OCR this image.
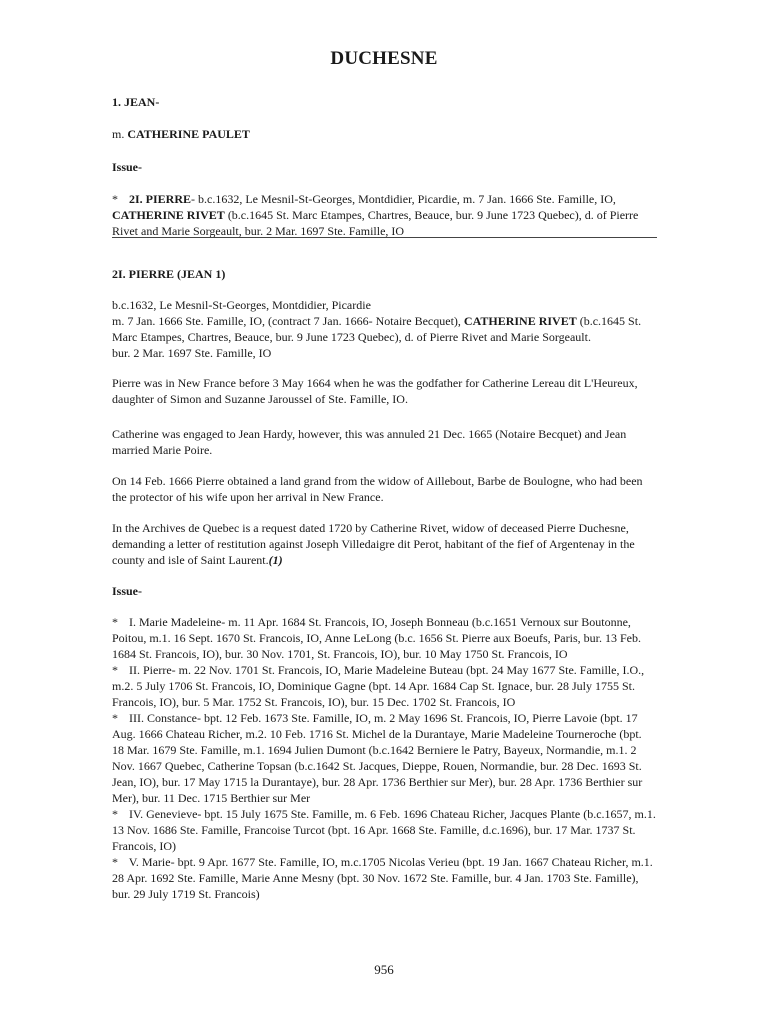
DUCHESNE

1. JEAN-

m. CATHERINE PAULET

Issue-

* 2I. PIERRE- b.c.1632, Le Mesnil-St-Georges, Montdidier, Picardie, m. 7 Jan. 1666 Ste. Famille, IO, CATHERINE RIVET (b.c.1645 St. Marc Etampes, Chartres, Beauce, bur. 9 June 1723 Quebec), d. of Pierre Rivet and Marie Sorgeault, bur. 2 Mar. 1697 Ste. Famille, IO

2I. PIERRE (JEAN 1)

b.c.1632, Le Mesnil-St-Georges, Montdidier, Picardie
m. 7 Jan. 1666 Ste. Famille, IO, (contract 7 Jan. 1666- Notaire Becquet), CATHERINE RIVET (b.c.1645 St. Marc Etampes, Chartres, Beauce, bur. 9 June 1723 Quebec), d. of Pierre Rivet and Marie Sorgeault.
bur. 2 Mar. 1697 Ste. Famille, IO

Pierre was in New France before 3 May 1664 when he was the godfather for Catherine Lereau dit L'Heureux, daughter of Simon and Suzanne Jaroussel of Ste. Famille, IO.

Catherine was engaged to Jean Hardy, however, this was annuled 21 Dec. 1665 (Notaire Becquet) and Jean married Marie Poire.

On 14 Feb. 1666 Pierre obtained a land grand from the widow of Aillebout, Barbe de Boulogne, who had been the protector of his wife upon her arrival in New France.

In the Archives de Quebec is a request dated 1720 by Catherine Rivet, widow of deceased Pierre Duchesne, demanding a letter of restitution against Joseph Villedaigre dit Perot, habitant of the fief of Argentenay in the county and isle of Saint Laurent.(1)

Issue-

* I. Marie Madeleine- m. 11 Apr. 1684 St. Francois, IO, Joseph Bonneau (b.c.1651 Vernoux sur Boutonne, Poitou, m.1. 16 Sept. 1670 St. Francois, IO, Anne LeLong (b.c. 1656 St. Pierre aux Boeufs, Paris, bur. 13 Feb. 1684 St. Francois, IO), bur. 30 Nov. 1701, St. Francois, IO), bur. 10 May 1750 St. Francois, IO
* II. Pierre- m. 22 Nov. 1701 St. Francois, IO, Marie Madeleine Buteau (bpt. 24 May 1677 Ste. Famille, I.O., m.2. 5 July 1706 St. Francois, IO, Dominique Gagne (bpt. 14 Apr. 1684 Cap St. Ignace, bur. 28 July 1755 St. Francois, IO), bur. 5 Mar. 1752 St. Francois, IO), bur. 15 Dec. 1702 St. Francois, IO
* III. Constance- bpt. 12 Feb. 1673 Ste. Famille, IO, m. 2 May 1696 St. Francois, IO, Pierre Lavoie (bpt. 17 Aug. 1666 Chateau Richer, m.2. 10 Feb. 1716 St. Michel de la Durantaye, Marie Madeleine Tourneroche (bpt. 18 Mar. 1679 Ste. Famille, m.1. 1694 Julien Dumont (b.c.1642 Berniere le Patry, Bayeux, Normandie, m.1. 2 Nov. 1667 Quebec, Catherine Topsan (b.c.1642 St. Jacques, Dieppe, Rouen, Normandie, bur. 28 Dec. 1693 St. Jean, IO), bur. 17 May 1715 la Durantaye), bur. 28 Apr. 1736 Berthier sur Mer), bur. 28 Apr. 1736 Berthier sur Mer), bur. 11 Dec. 1715 Berthier sur Mer
* IV. Genevieve- bpt. 15 July 1675 Ste. Famille, m. 6 Feb. 1696 Chateau Richer, Jacques Plante (b.c.1657, m.1. 13 Nov. 1686 Ste. Famille, Francoise Turcot (bpt. 16 Apr. 1668 Ste. Famille, d.c.1696), bur. 17 Mar. 1737 St. Francois, IO)
* V. Marie- bpt. 9 Apr. 1677 Ste. Famille, IO, m.c.1705 Nicolas Verieu (bpt. 19 Jan. 1667 Chateau Richer, m.1. 28 Apr. 1692 Ste. Famille, Marie Anne Mesny (bpt. 30 Nov. 1672 Ste. Famille, bur. 4 Jan. 1703 Ste. Famille), bur. 29 July 1719 St. Francois)
956
